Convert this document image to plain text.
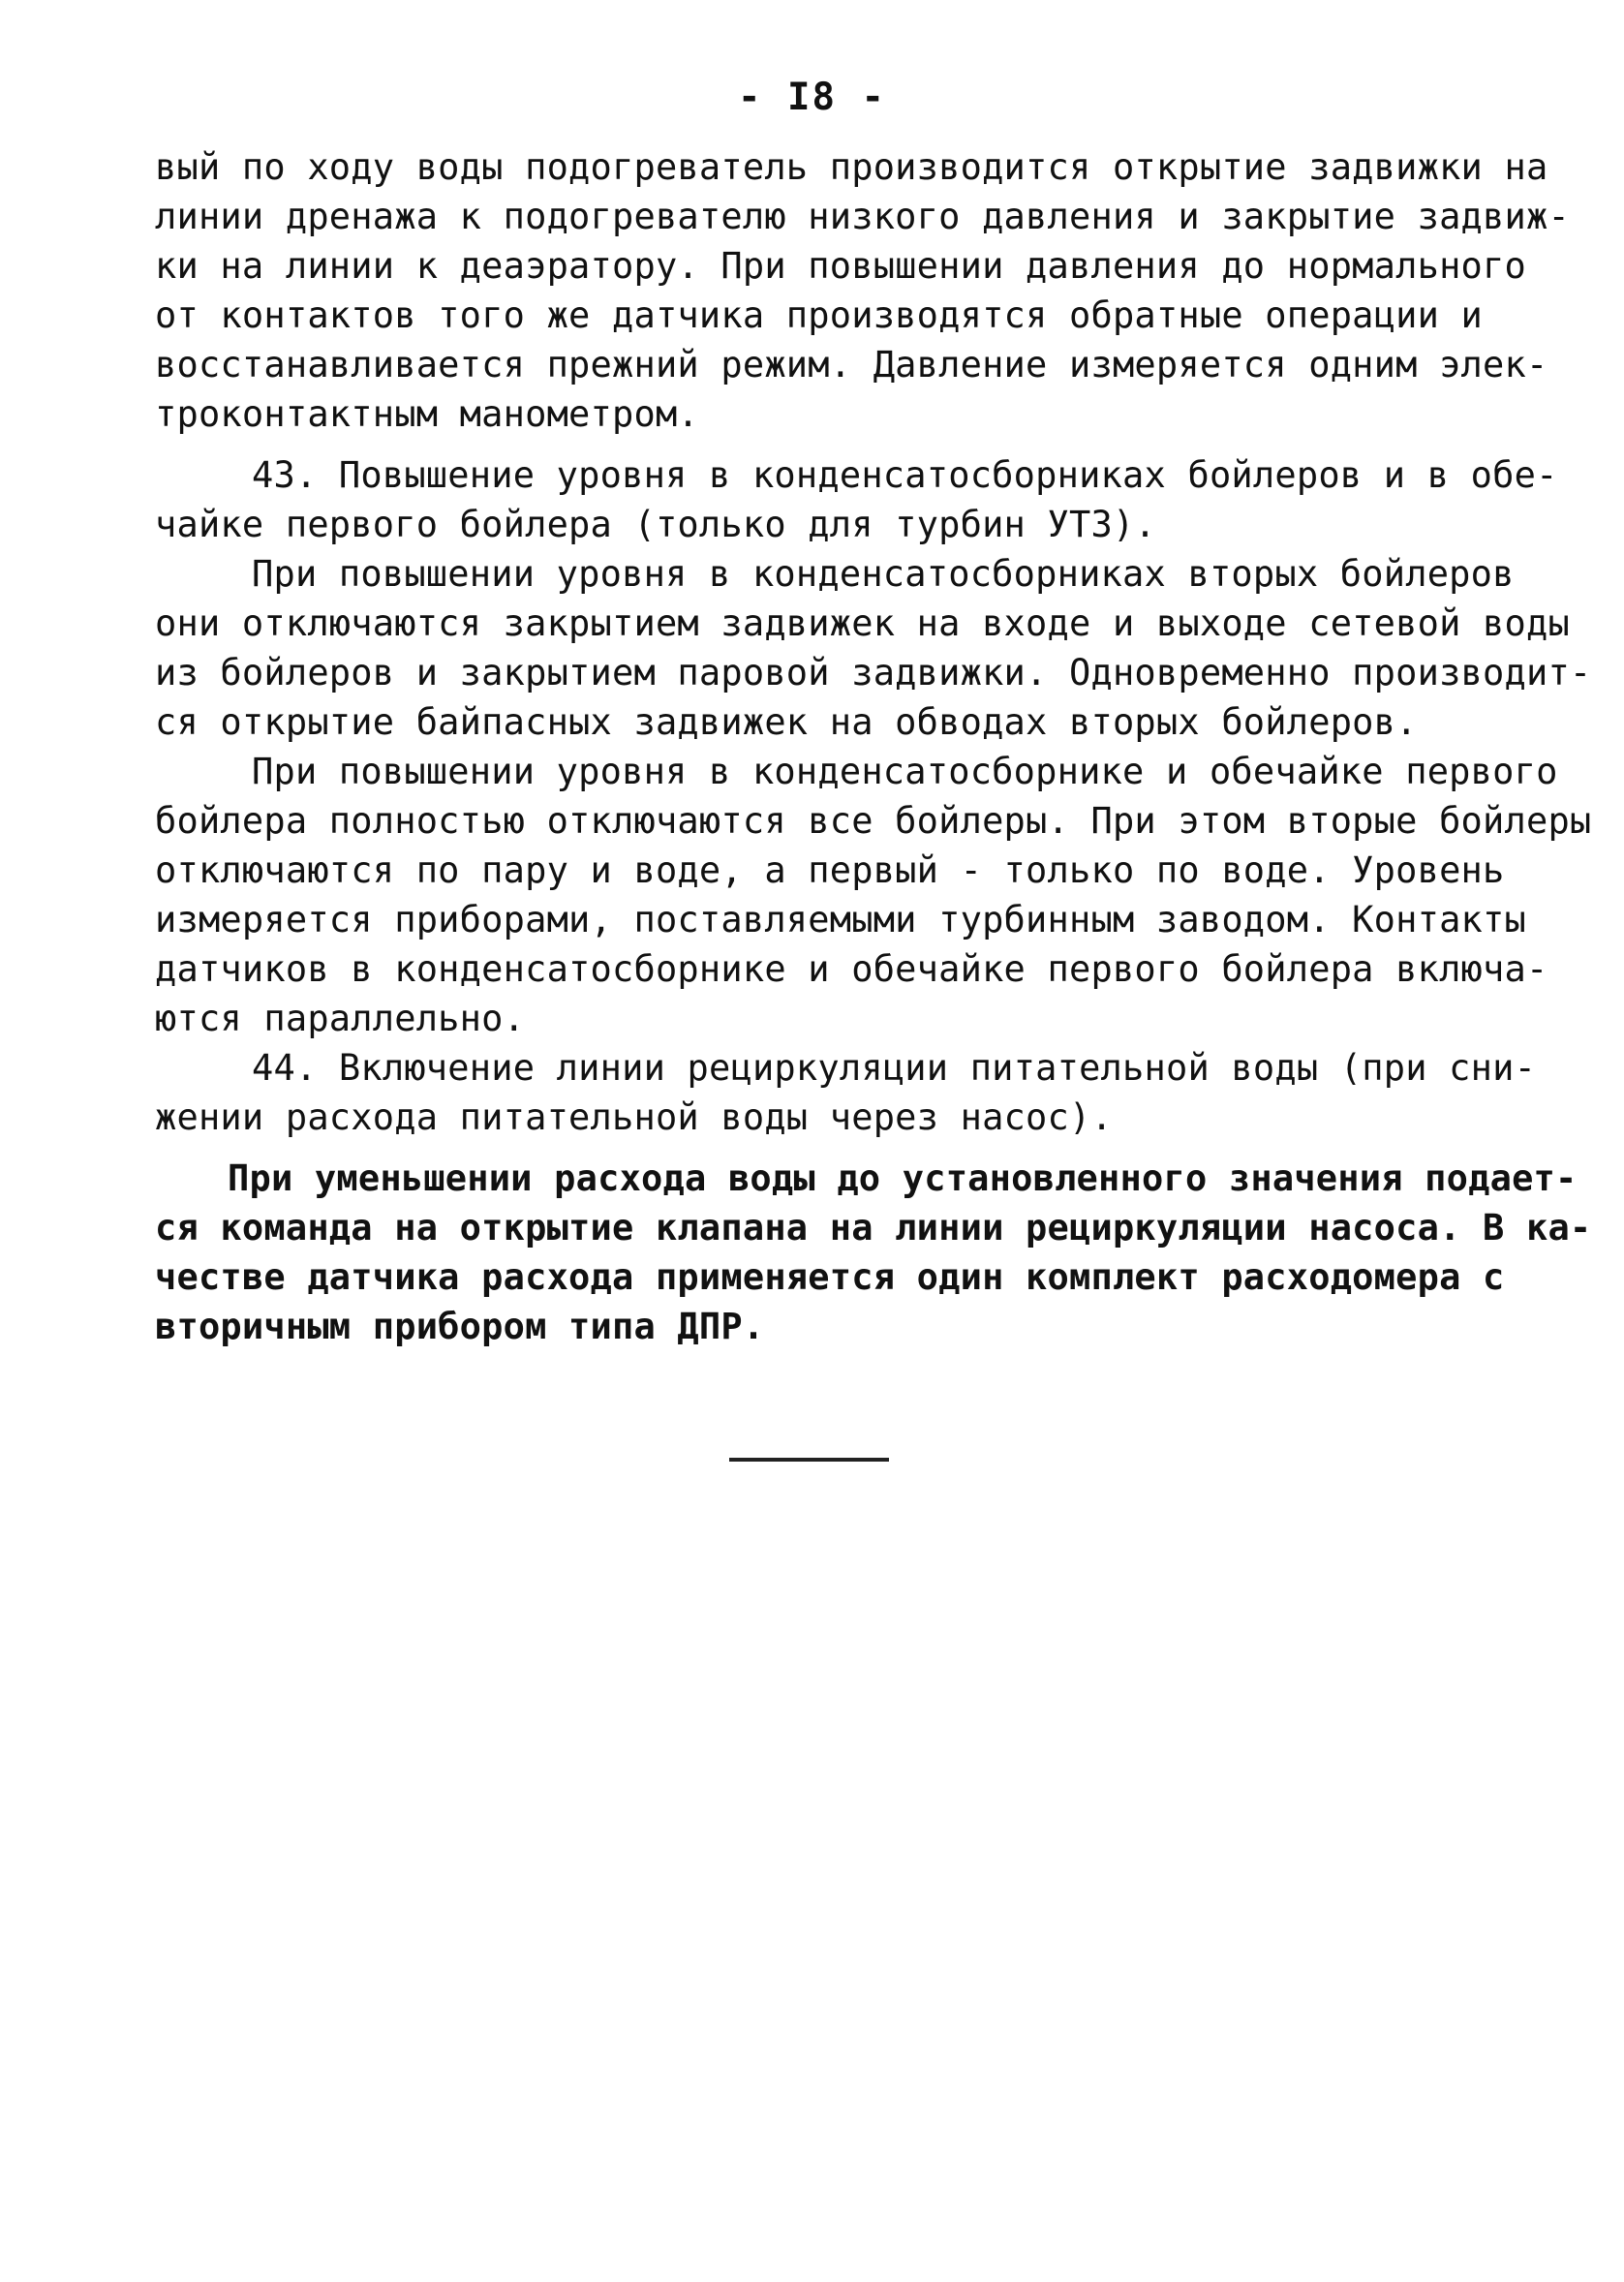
- I8 -
вый по ходу воды подогреватель производится открытие задвижки на
линии дренажа к подогревателю низкого давления и закрытие задвиж-
ки на линии к деаэратору. При повышении давления до нормального
от контактов того же датчика производятся обратные операции и
восстанавливается прежний режим. Давление измеряется одним элек-
троконтактным манометром.
43. Повышение уровня в конденсатосборниках бойлеров и в обе-
чайке первого бойлера (только для турбин УТЗ).
При повышении уровня в конденсатосборниках вторых бойлеров
они отключаются закрытием задвижек на входе и выходе сетевой воды
из бойлеров и закрытием паровой задвижки. Одновременно производит-
ся открытие байпасных задвижек на обводах вторых бойлеров.
При повышении уровня в конденсатосборнике и обечайке первого
бойлера полностью отключаются все бойлеры. При этом вторые бойлеры
отключаются по пару и воде, а первый - только по воде. Уровень
измеряется приборами, поставляемыми турбинным заводом. Контакты
датчиков в конденсатосборнике и обечайке первого бойлера включа-
ются параллельно.
44. Включение линии рециркуляции питательной воды (при сни-
жении расхода питательной воды через насос).
При уменьшении расхода воды до установленного значения подает-
ся команда на открытие клапана на линии рециркуляции насоса. В ка-
честве датчика расхода применяется один комплект расходомера с
вторичным прибором типа ДПР.
